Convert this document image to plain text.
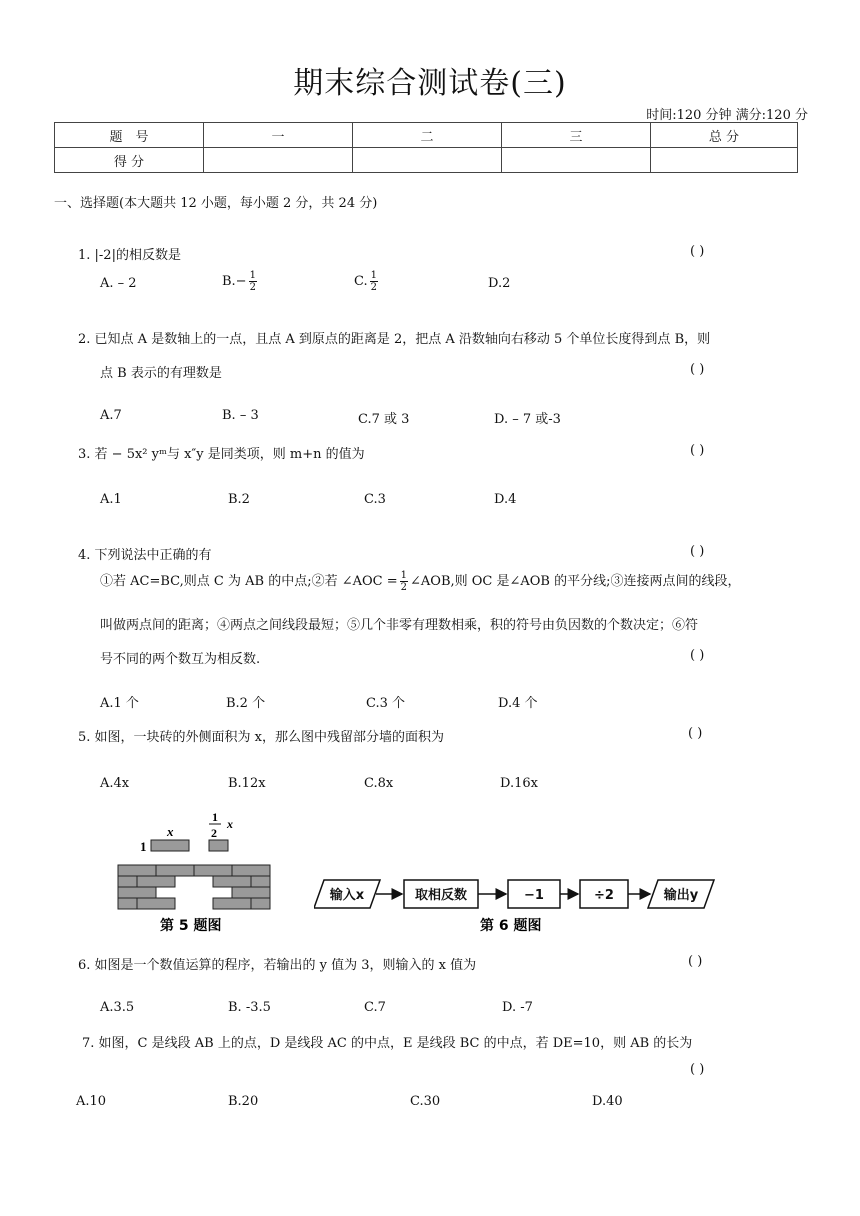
期末综合测试卷(三)
时间:120 分钟 满分:120 分
题　号	一	二	三	总 分
得 分				
一、选择题(本大题共 12 小题，每小题 2 分，共 24 分)
1. |-2|的相反数是	( )
A. – 2	$B.- \frac{1}{2}$	C. $\frac{1}{2}$	D.2
2. 已知点 A 是数轴上的一点，且点 A 到原点的距离是 2，把点 A 沿数轴向右移动 5 个单位长度得到点 B，则
点 B 表示的有理数是	( )
A.7	B. – 3	C.7 或 3	D. – 7 或-3
3. 若 − 5x² yᵐ与 x″y 是同类项，则 m+n 的值为	( )
A.1	B.2	C.3	D.4
4. 下列说法中正确的有	( )
①若 AC=BC,则点 C 为 AB 的中点;②若 ∠AOC = $\frac{1}{2}$ ∠AOB,则 OC 是∠AOB 的平分线;③连接两点间的线段，
叫做两点间的距离；④两点之间线段最短；⑤几个非零有理数相乘，积的符号由负因数的个数决定；⑥符
号不同的两个数互为相反数.	( )
A.1 个	B.2 个	C.3 个	D.4 个
5. 如图，一块砖的外侧面积为 x，那么图中残留部分墙的面积为	( )
A.4x	B.12x	C.8x	D.16x
x
1
1
2
x
第 5 题图
输入x	取相反数	−1	÷2	输出y
第 6 题图
6. 如图是一个数值运算的程序，若输出的 y 值为 3，则输入的 x 值为	( )
A.3.5	B. -3.5	C.7	D. -7
7. 如图，C 是线段 AB 上的点，D 是线段 AC 的中点，E 是线段 BC 的中点，若 DE=10，则 AB 的长为
( )
A.10	B.20	C.30	D.40
